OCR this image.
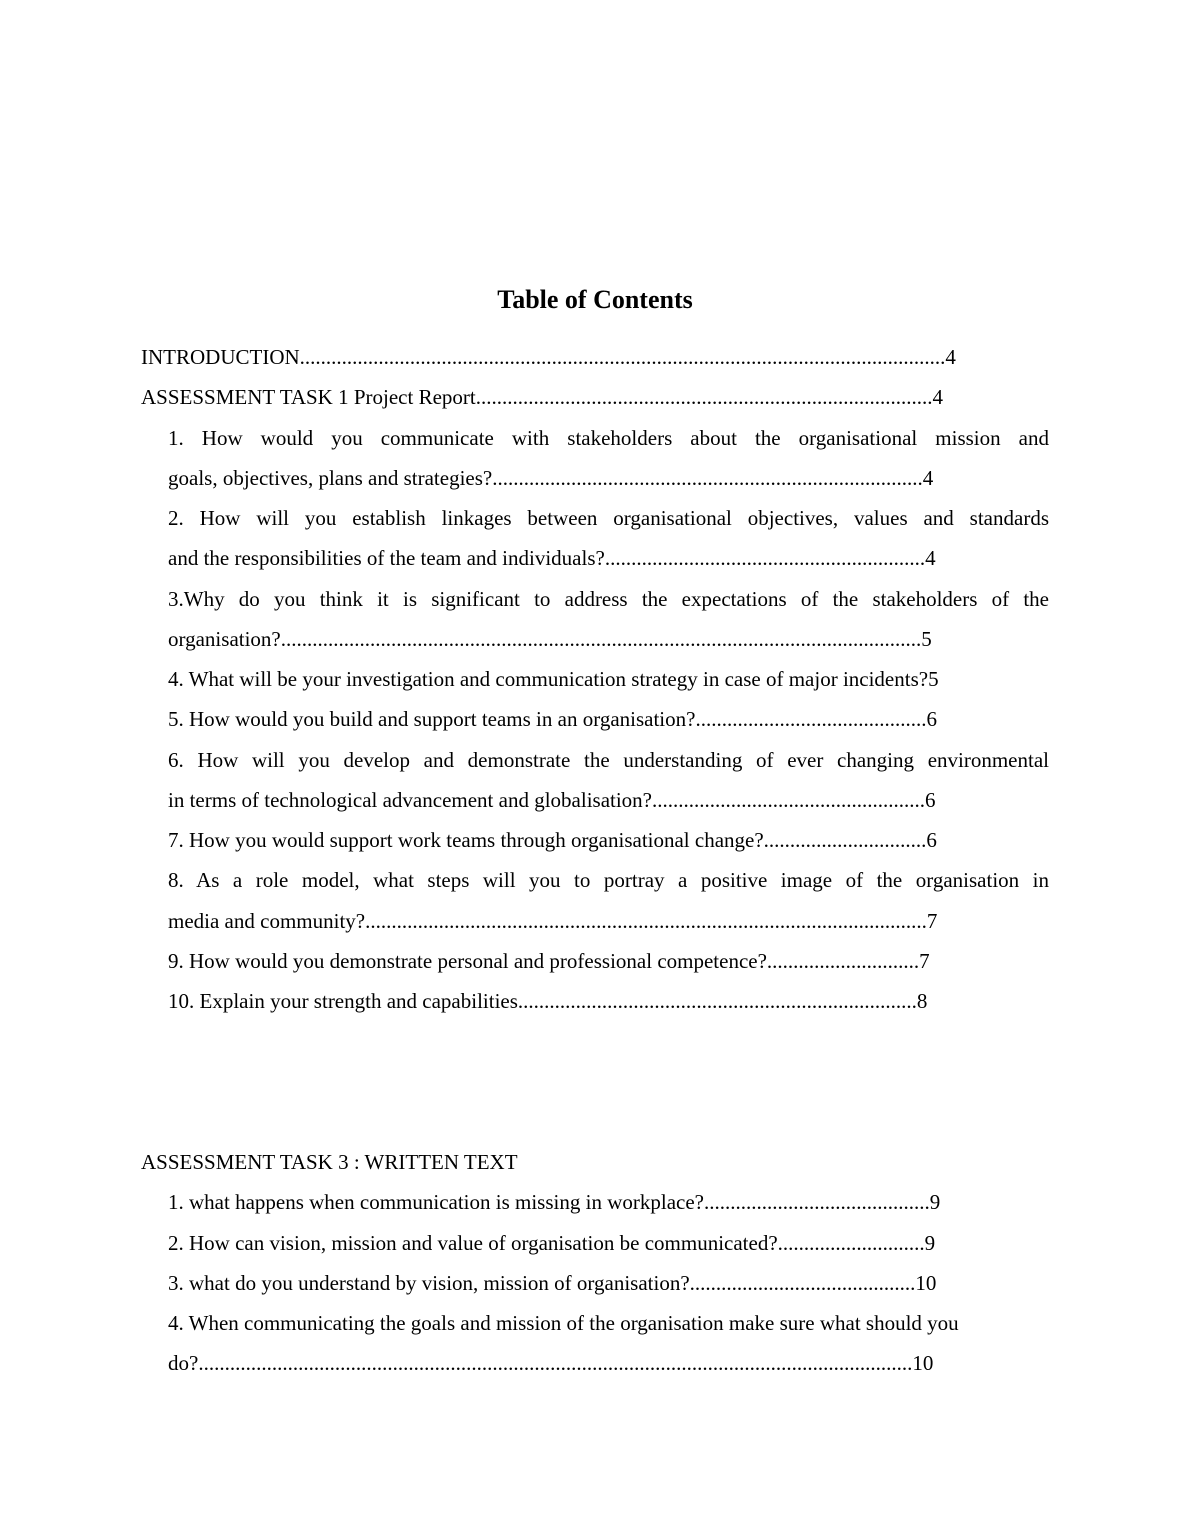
Table of Contents
INTRODUCTION...........................................................................................................................4
ASSESSMENT TASK 1 Project Report.......................................................................................4
1. How would you communicate with stakeholders about the organisational mission and
goals, objectives, plans and strategies?..................................................................................4
2. How will you establish linkages between organisational objectives, values and standards
and the responsibilities of the team and individuals?.............................................................4
3.Why do you think it is significant to address the expectations of the stakeholders of the
organisation?..........................................................................................................................5
4. What will be your investigation and communication strategy in case of major incidents?5
5. How would you build and support teams in an organisation?............................................6
6. How will you develop and demonstrate the understanding of ever changing environmental
in terms of technological advancement and globalisation?....................................................6
7. How you would support work teams through organisational change?...............................6
8. As a role model, what steps will you to portray a positive image of the organisation in
media and community?...........................................................................................................7
9. How would you demonstrate personal and professional competence?.............................7
10. Explain your strength and capabilities............................................................................8
ASSESSMENT TASK 3 : WRITTEN TEXT
1. what happens when communication is missing in workplace?...........................................9
2. How can vision, mission and value of organisation be communicated?............................9
3. what do you understand by vision, mission of organisation?...........................................10
4. When communicating the goals and mission of the organisation make sure what should you
do?........................................................................................................................................10
